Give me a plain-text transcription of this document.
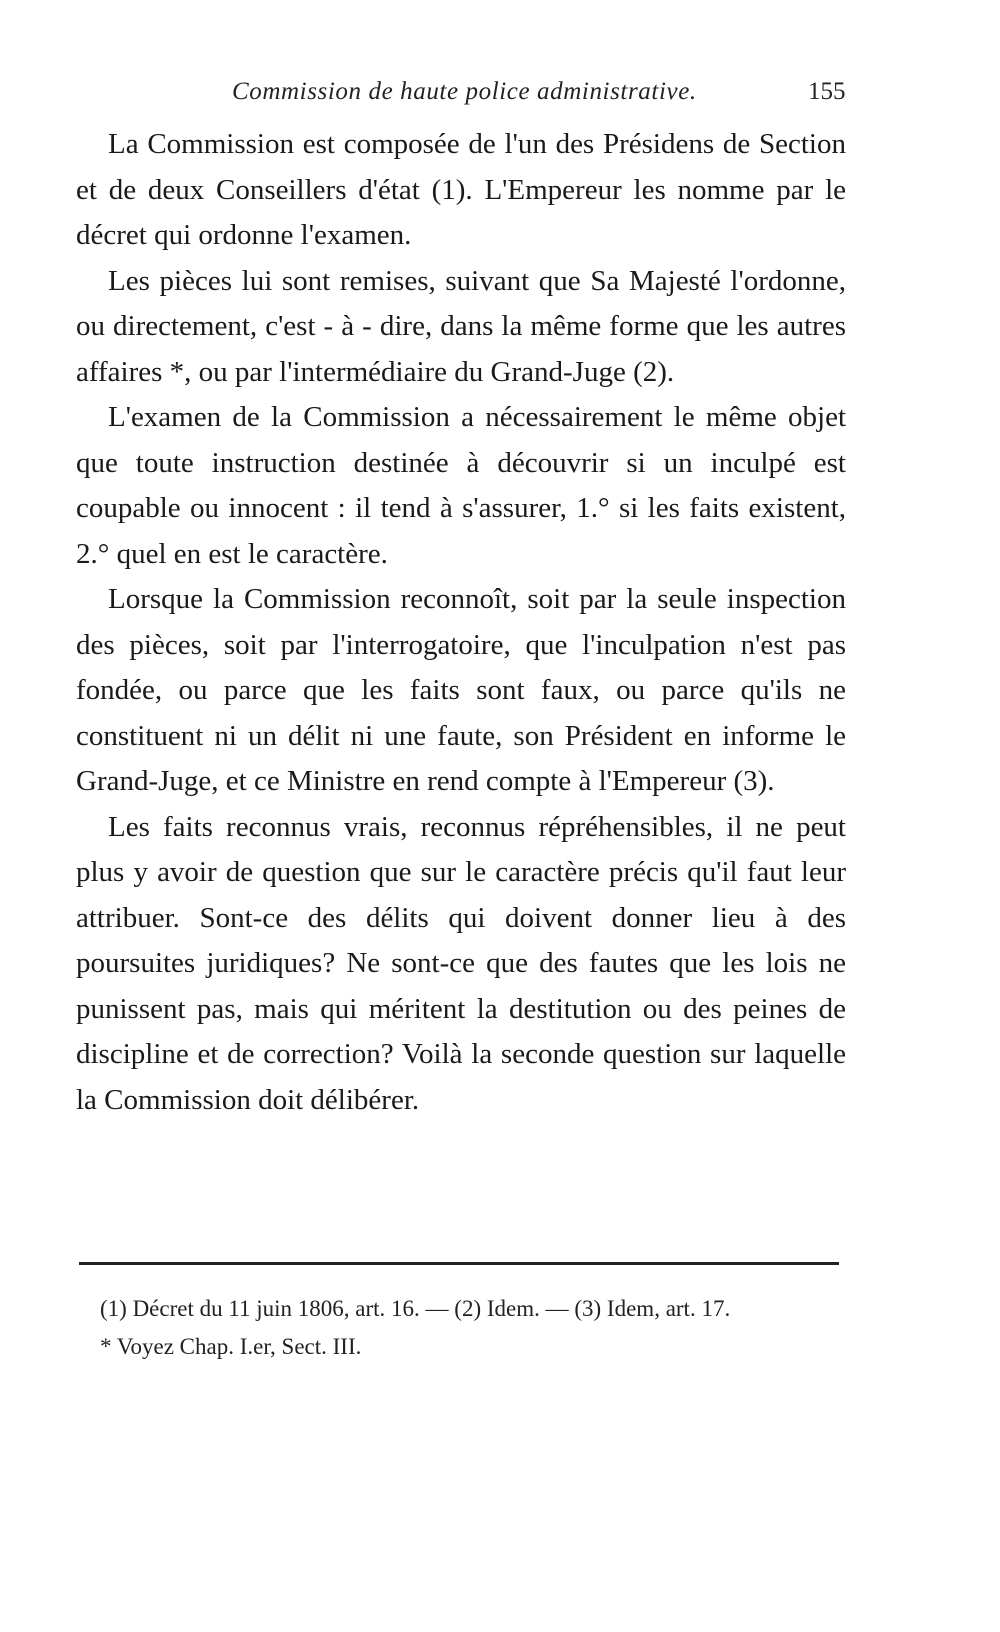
Commission de haute police administrative.	155

La Commission est composée de l'un des Présidens de Section et de deux Conseillers d'état (1). L'Empereur les nomme par le décret qui ordonne l'examen.

Les pièces lui sont remises, suivant que Sa Majesté l'ordonne, ou directement, c'est - à - dire, dans la même forme que les autres affaires *, ou par l'intermédiaire du Grand-Juge (2).

L'examen de la Commission a nécessairement le même objet que toute instruction destinée à découvrir si un inculpé est coupable ou innocent : il tend à s'assurer, 1.° si les faits existent, 2.° quel en est le caractère.

Lorsque la Commission reconnoît, soit par la seule inspection des pièces, soit par l'interrogatoire, que l'inculpation n'est pas fondée, ou parce que les faits sont faux, ou parce qu'ils ne constituent ni un délit ni une faute, son Président en informe le Grand-Juge, et ce Ministre en rend compte à l'Empereur (3).

Les faits reconnus vrais, reconnus répréhensibles, il ne peut plus y avoir de question que sur le caractère précis qu'il faut leur attribuer. Sont-ce des délits qui doivent donner lieu à des poursuites juridiques? Ne sont-ce que des fautes que les lois ne punissent pas, mais qui méritent la destitution ou des peines de discipline et de correction? Voilà la seconde question sur laquelle la Commission doit délibérer.

(1) Décret du 11 juin 1806, art. 16. — (2) Idem. — (3) Idem, art. 17.
* Voyez Chap. I.er, Sect. III.
